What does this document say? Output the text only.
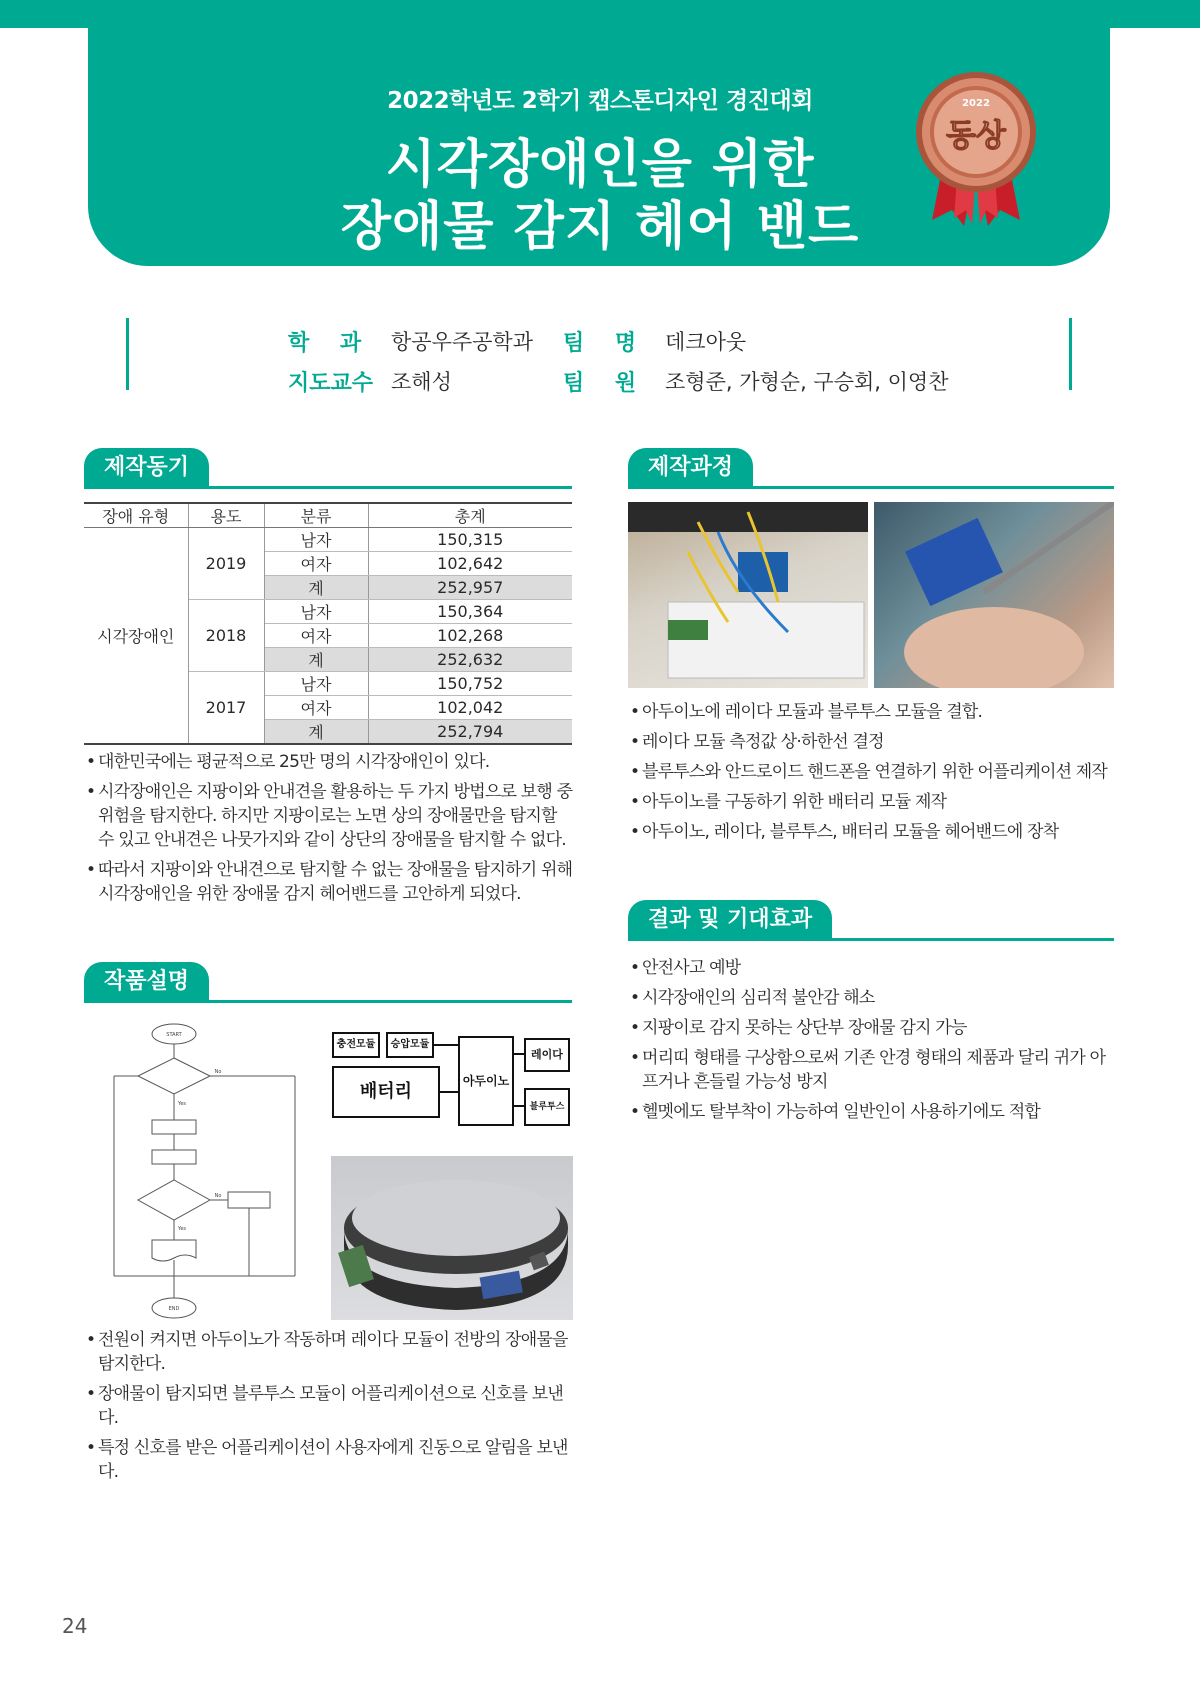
2022학년도 2학기 캡스톤디자인 경진대회
시각장애인을 위한
장애물 감지 헤어 밴드
2022
동상
학    과 항공우주공학과
지도교수 조해성
팀    명 데크아웃
팀    원 조형준, 가형순, 구승회, 이영찬
제작동기
장애 유형	용도	분류	총계
시각장애인	2019	남자	150,315
		여자	102,642
		계	252,957
	2018	남자	150,364
		여자	102,268
		계	252,632
	2017	남자	150,752
		여자	102,042
		계	252,794
• 대한민국에는 평균적으로 25만 명의 시각장애인이 있다.
• 시각장애인은 지팡이와 안내견을 활용하는 두 가지 방법으로 보행 중 위험을 탐지한다. 하지만 지팡이로는 노면 상의 장애물만을 탐지할 수 있고 안내견은 나뭇가지와 같이 상단의 장애물을 탐지할 수 없다.
• 따라서 지팡이와 안내견으로 탐지할 수 없는 장애물을 탐지하기 위해 시각장애인을 위한 장애물 감지 헤어밴드를 고안하게 되었다.
작품설명
START
END
No
Yes
No
Yes
충전모듈	승압모듈
배터리	아두이노
레이다
블루투스
• 전원이 켜지면 아두이노가 작동하며 레이다 모듈이 전방의 장애물을 탐지한다.
• 장애물이 탐지되면 블루투스 모듈이 어플리케이션으로 신호를 보낸다.
• 특정 신호를 받은 어플리케이션이 사용자에게 진동으로 알림을 보낸다.
제작과정
• 아두이노에 레이다 모듈과 블루투스 모듈을 결합.
• 레이다 모듈 측정값 상·하한선 결정
• 블루투스와 안드로이드 핸드폰을 연결하기 위한 어플리케이션 제작
• 아두이노를 구동하기 위한 배터리 모듈 제작
• 아두이노, 레이다, 블루투스, 배터리 모듈을 헤어밴드에 장착
결과 및 기대효과
• 안전사고 예방
• 시각장애인의 심리적 불안감 해소
• 지팡이로 감지 못하는 상단부 장애물 감지 가능
• 머리띠 형태를 구상함으로써 기존 안경 형태의 제품과 달리 귀가 아프거나 흔들릴 가능성 방지
• 헬멧에도 탈부착이 가능하여 일반인이 사용하기에도 적합
24
